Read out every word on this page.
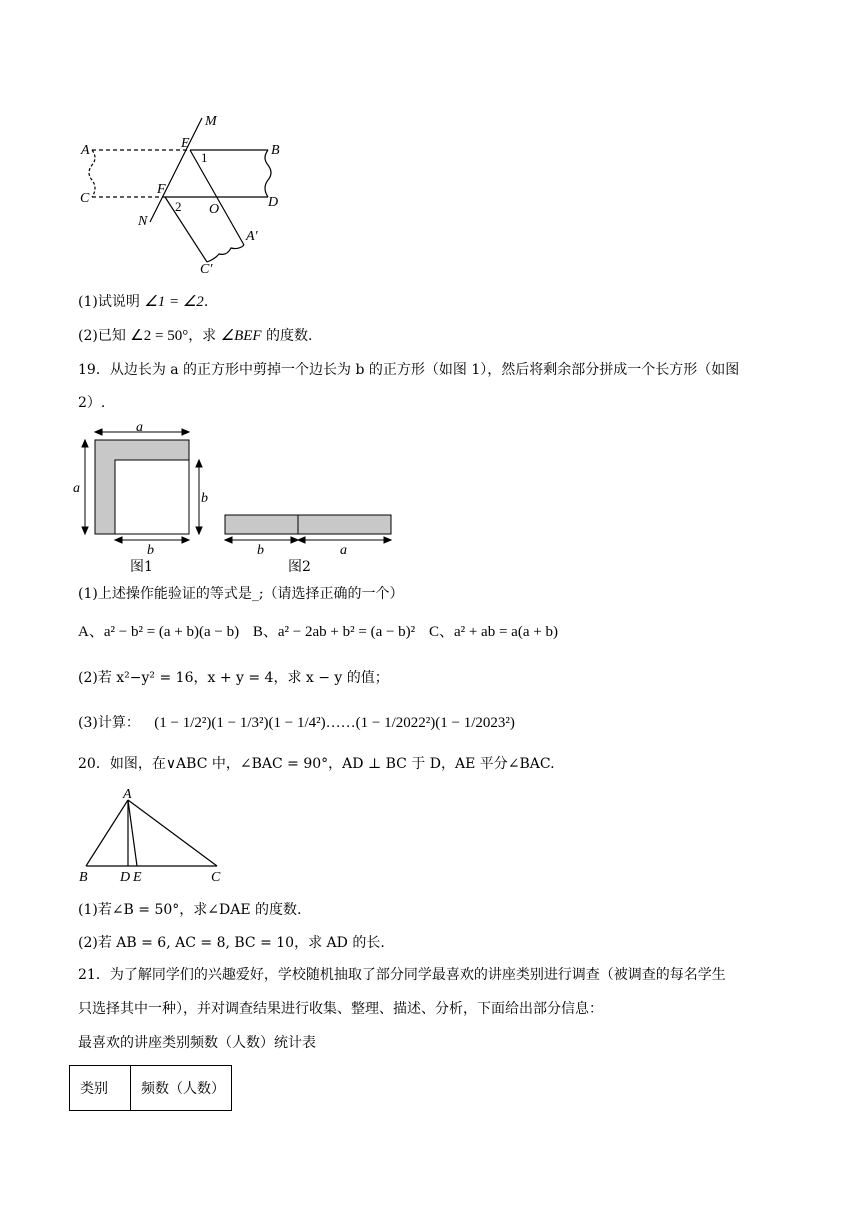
M
E
A	B
C	D
F
O
N
A′
C′
1
2
(1)试说明 ∠1 = ∠2.
(2)已知 ∠2 = 50°，求 ∠BEF 的度数.
19．从边长为 a 的正方形中剪掉一个边长为 b 的正方形（如图 1），然后将剩余部分拼成一个长方形（如图
2）.
a
a
b
b
图1
b	a
图2
(1)上述操作能验证的等式是_;（请选择正确的一个）
A、a² − b² = (a + b)(a − b) B、a² − 2ab + b² = (a − b)² C、a² + ab = a(a + b)
(2)若 x²−y² = 16，x + y = 4，求 x − y 的值；
(3)计算： (1 − 1/2²)(1 − 1/3²)(1 − 1/4²)……(1 − 1/2022²)(1 − 1/2023²)
20．如图，在∨ABC 中，∠BAC = 90°，AD ⊥ BC 于 D，AE 平分∠BAC.
A
B D E	C
(1)若∠B = 50°，求∠DAE 的度数.
(2)若 AB = 6, AC = 8, BC = 10，求 AD 的长.
21．为了解同学们的兴趣爱好，学校随机抽取了部分同学最喜欢的讲座类别进行调查（被调查的每名学生
只选择其中一种），并对调查结果进行收集、整理、描述、分析，下面给出部分信息：
最喜欢的讲座类别频数（人数）统计表
类别	频数（人数）
